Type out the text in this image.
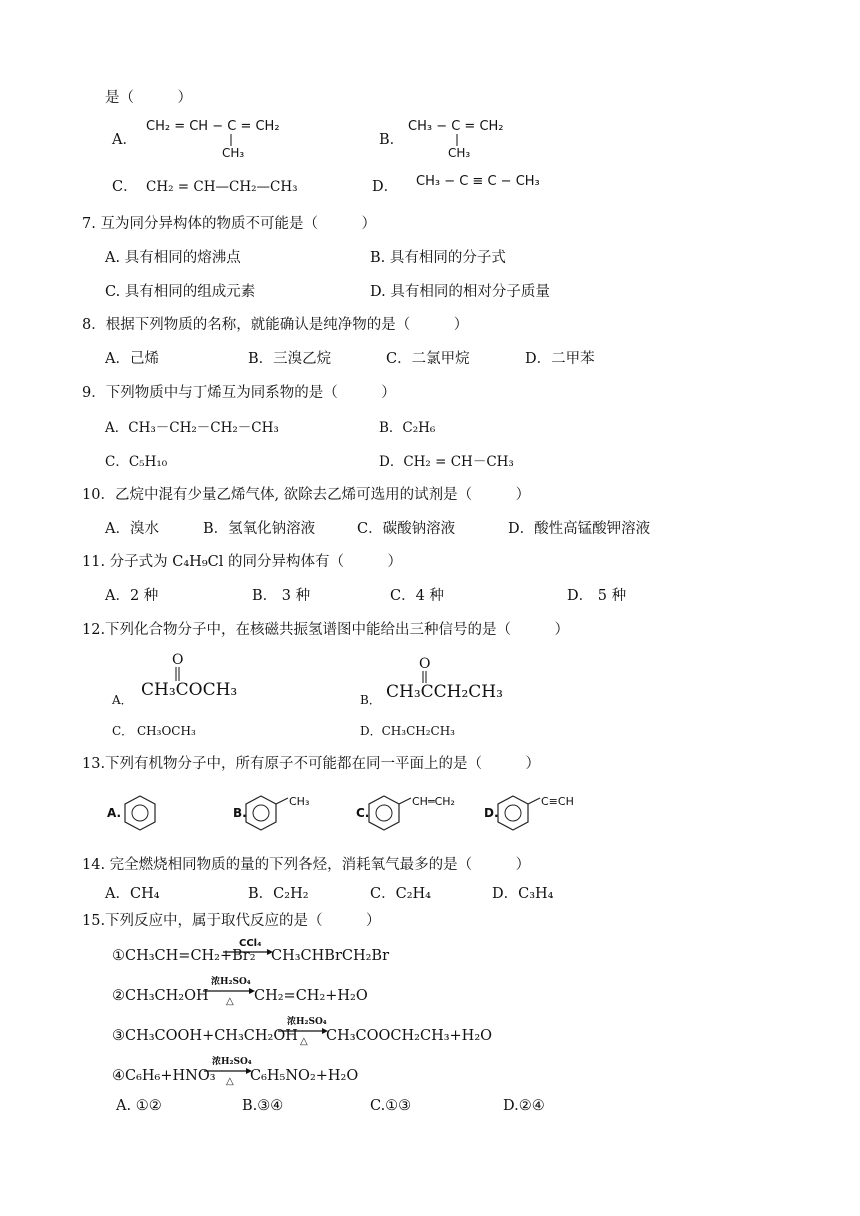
是（　　　）
A．
CH₂ = CH − C = CH₂
CH₃
B．
CH₃ − C = CH₂
CH₃
C． CH₂ = CH—CH₂—CH₃	D． CH₃ − C ≡ C − CH₃
7. 互为同分异构体的物质不可能是（　　　）
A. 具有相同的熔沸点	B. 具有相同的分子式
C. 具有相同的组成元素	D. 具有相同的相对分子质量
8．根据下列物质的名称，就能确认是纯净物的是（　　　）
A．己烯	B．三溴乙烷	C．二氯甲烷	D．二甲苯
9．下列物质中与丁烯互为同系物的是（　　　）
A．CH₃－CH₂－CH₂－CH₃	B．C₂H₆
C．C₅H₁₀	D．CH₂ = CH－CH₃
10．乙烷中混有少量乙烯气体, 欲除去乙烯可选用的试剂是（　　　）
A．溴水	B．氢氧化钠溶液	C．碳酸钠溶液	D．酸性高锰酸钾溶液
11. 分子式为 C₄H₉Cl 的同分异构体有（　　　）
A．2 种	B． 3 种	C．4 种	D． 5 种
12.下列化合物分子中，在核磁共振氢谱图中能给出三种信号的是（　　　）
A．
O
CH₃COCH₃	B．
O
CH₃CCH₂CH₃
C． CH₃OCH₃	D．CH₃CH₂CH₃
13.下列有机物分子中，所有原子不可能都在同一平面上的是（　　　）
A.	B.
CH₃
C.
CH═CH₂
D.
C≡CH
14. 完全燃烧相同物质的量的下列各烃，消耗氧气最多的是（　　　）
A．CH₄	B．C₂H₂	C．C₂H₄	D．C₃H₄
15.下列反应中，属于取代反应的是（　　　）
①CH₃CH=CH₂+Br₂
CCl₄
CH₃CHBrCH₂Br
②CH₃CH₂OH
浓H₂SO₄
△ CH₂=CH₂+H₂O
③CH₃COOH+CH₃CH₂OH
浓H₂SO₄
△ CH₃COOCH₂CH₃+H₂O
④C₆H₆+HNO₃
浓H₂SO₄
△ C₆H₅NO₂+H₂O
A. ①②	B.③④	C.①③	D.②④
